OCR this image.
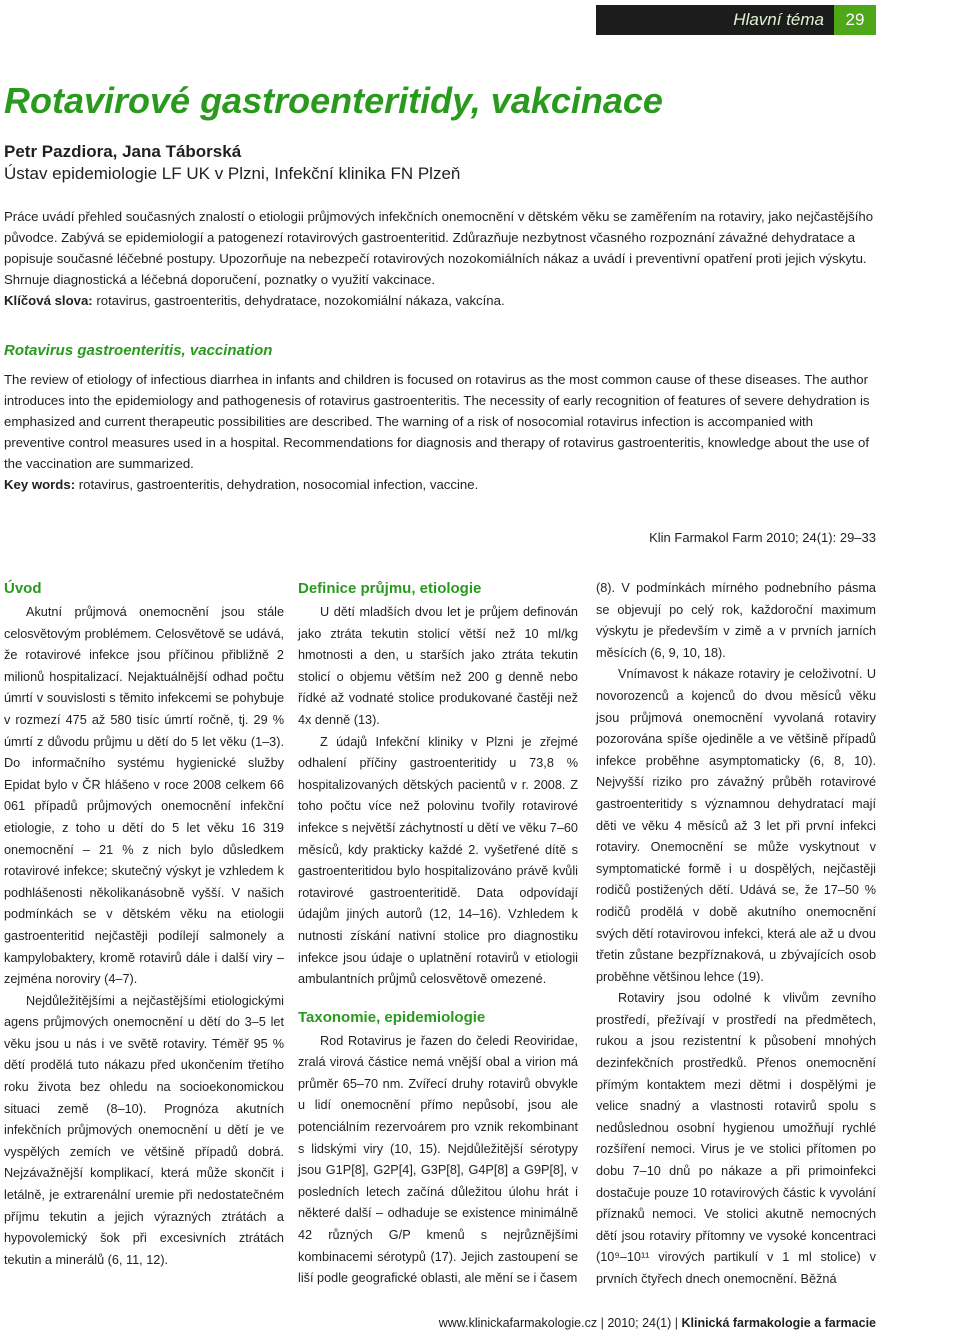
Hlavní téma	29
Rotavirové gastroenteritidy, vakcinace
Petr Pazdiora, Jana Táborská
Ústav epidemiologie LF UK v Plzni, Infekční klinika FN Plzeň

Práce uvádí přehled současných znalostí o etiologii průjmových infekčních onemocnění v dětském věku se zaměřením na rotaviry, jako nejčastějšího původce. Zabývá se epidemiologií a patogenezí rotavirových gastroenteritid. Zdůrazňuje nezbytnost včasného rozpoznání závažné dehydratace a popisuje současné léčebné postupy. Upozorňuje na nebezpečí rotavirových nozokomiálních nákaz a uvádí i preventivní opatření proti jejich výskytu. Shrnuje diagnostická a léčebná doporučení, poznatky o využití vakcinace.

Klíčová slova: rotavirus, gastroenteritis, dehydratace, nozokomiální nákaza, vakcína.

Rotavirus gastroenteritis, vaccination

The review of etiology of infectious diarrhea in infants and children is focused on rotavirus as the most common cause of these diseases. The author introduces into the epidemiology and pathogenesis of rotavirus gastroenteritis. The necessity of early recognition of features of severe dehydration is emphasized and current therapeutic possibilities are described. The warning of a risk of nosocomial rotavirus infection is accompanied with preventive control measures used in a hospital. Recommendations for diagnosis and therapy of rotavirus gastroenteritis, knowledge about the use of the vaccination are summarized.

Key words: rotavirus, gastroenteritis, dehydration, nosocomial infection, vaccine.

Klin Farmakol Farm 2010; 24(1): 29–33
Úvod

Akutní průjmová onemocnění jsou stále celosvětovým problémem. Celosvětově se udává, že rotavirové infekce jsou příčinou přibližně 2 milionů hospitalizací. Nejaktuálnější odhad počtu úmrtí v souvislosti s těmito infekcemi se pohybuje v rozmezí 475 až 580 tisíc úmrtí ročně, tj. 29 % úmrtí z důvodu průjmu u dětí do 5 let věku (1–3). Do informačního systému hygienické služby Epidat bylo v ČR hlášeno v roce 2008 celkem 66 061 případů průjmových onemocnění infekční etiologie, z toho u dětí do 5 let věku 16 319 onemocnění – 21 % z nich bylo důsledkem rotavirové infekce; skutečný výskyt je vzhledem k podhlášenosti několikanásobně vyšší. V našich podmínkách se v dětském věku na etiologii gastroenteritid nejčastěji podílejí salmonely a kampylobaktery, kromě rotavirů dále i další viry – zejména noroviry (4–7).

Nejdůležitějšími a nejčastějšími etiologickými agens průjmových onemocnění u dětí do 3–5 let věku jsou u nás i ve světě rotaviry. Téměř 95 % dětí prodělá tuto nákazu před ukončením třetího roku života bez ohledu na socioekonomickou situaci země (8–10). Prognóza akutních infekčních průjmových onemocnění u dětí je ve vyspělých zemích ve většině případů dobrá. Nejzávažnější komplikací, která může skončit i letálně, je extrarenální uremie při nedostatečném příjmu tekutin a jejich výrazných ztrátách a hypovolemický šok při excesivních ztrátách tekutin a minerálů (6, 11, 12).

Definice průjmu, etiologie

U dětí mladších dvou let je průjem definován jako ztráta tekutin stolicí větší než 10 ml/kg hmotnosti a den, u starších jako ztráta tekutin stolicí o objemu větším než 200 g denně nebo řídké až vodnaté stolice produkované častěji než 4x denně (13).

Z údajů Infekční kliniky v Plzni je zřejmé odhalení příčiny gastroenteritidy u 73,8 % hospitalizovaných dětských pacientů v r. 2008. Z toho počtu více než polovinu tvořily rotavirové infekce s největší záchytností u dětí ve věku 7–60 měsíců, kdy prakticky každé 2. vyšetřené dítě s gastroenteritidou bylo hospitalizováno právě kvůli rotavirové gastroenteritidě. Data odpovídají údajům jiných autorů (12, 14–16). Vzhledem k nutnosti získání nativní stolice pro diagnostiku infekce jsou údaje o uplatnění rotavirů v etiologii ambulantních průjmů celosvětově omezené.

Taxonomie, epidemiologie

Rod Rotavirus je řazen do čeledi Reoviridae, zralá virová částice nemá vnější obal a virion má průměr 65–70 nm. Zvířecí druhy rotavirů obvykle u lidí onemocnění přímo nepůsobí, jsou ale potenciálním rezervoárem pro vznik rekombinant s lidskými viry (10, 15). Nejdůležitější sérotypy jsou G1P[8], G2P[4], G3P[8], G4P[8] a G9P[8], v posledních letech začíná důležitou úlohu hrát i některé další – odhaduje se existence minimálně 42 různých G/P kmenů s nejrůznějšími kombinacemi sérotypů (17). Jejich zastoupení se liší podle geografické oblasti, ale mění se i časem

(8). V podmínkách mírného podnebního pásma se objevují po celý rok, každoroční maximum výskytu je především v zimě a v prvních jarních měsících (6, 9, 10, 18).

Vnímavost k nákaze rotaviry je celoživotní. U novorozenců a kojenců do dvou měsíců věku jsou průjmová onemocnění vyvolaná rotaviry pozorována spíše ojediněle a ve většině případů infekce proběhne asymptomaticky (6, 8, 10). Nejvyšší riziko pro závažný průběh rotavirové gastroenteritidy s významnou dehydratací mají děti ve věku 4 měsíců až 3 let při první infekci rotaviry. Onemocnění se může vyskytnout v symptomatické formě i u dospělých, nejčastěji rodičů postižených dětí. Udává se, že 17–50 % rodičů prodělá v době akutního onemocnění svých dětí rotavirovou infekci, která ale až u dvou třetin zůstane bezpříznaková, u zbývajících osob proběhne většinou lehce (19).

Rotaviry jsou odolné k vlivům zevního prostředí, přežívají v prostředí na předmětech, rukou a jsou rezistentní k působení mnohých dezinfekčních prostředků. Přenos onemocnění přímým kontaktem mezi dětmi i dospělými je velice snadný a vlastnosti rotavirů spolu s nedůslednou osobní hygienou umožňují rychlé rozšíření nemoci. Virus je ve stolici přítomen po dobu 7–10 dnů po nákaze a při primoinfekci dostačuje pouze 10 rotavirových částic k vyvolání příznaků nemoci. Ve stolici akutně nemocných dětí jsou rotaviry přítomny ve vysoké koncentraci (10⁹–10¹¹ virových partikulí v 1 ml stolice) v prvních čtyřech dnech onemocnění. Běžná

www.klinickafarmakologie.cz | 2010; 24(1) | Klinická farmakologie a farmacie
